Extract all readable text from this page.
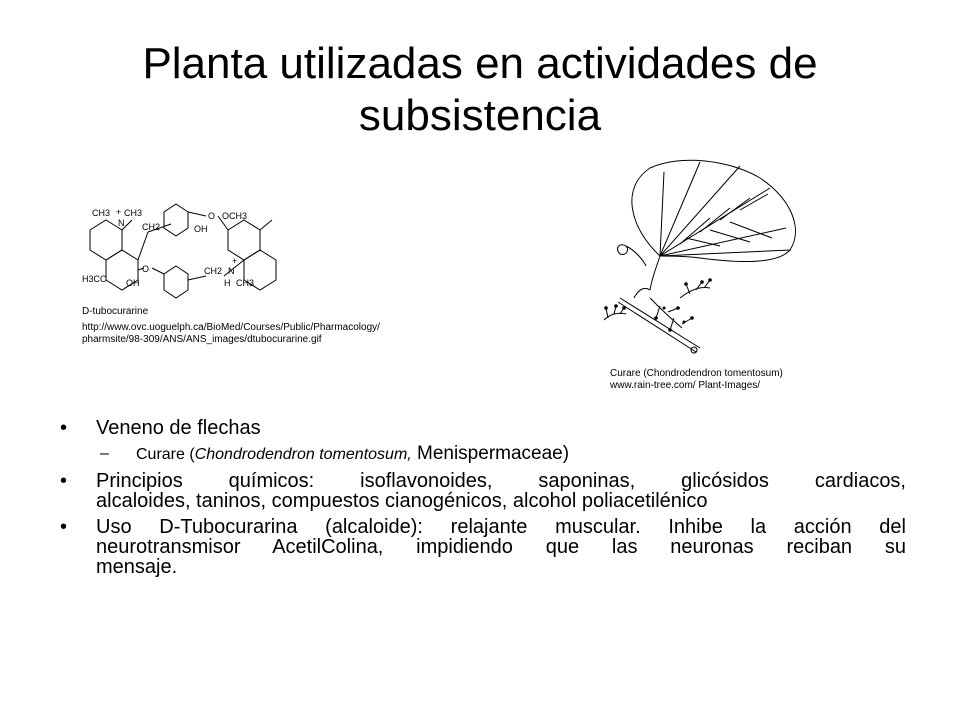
Planta utilizadas en actividades de
subsistencia
CH3 + CH3
N CH2
O OCH3
OH
O
H3CO OH
CH2
+
N
H CH3
D-tubocurarine
http://www.ovc.uoguelph.ca/BioMed/Courses/Public/Pharmacology/
pharmsite/98-309/ANS/ANS_images/dtubocurarine.gif
Curare (Chondrodendron tomentosum)
www.rain-tree.com/ Plant-Images/
• Veneno de flechas
– Curare (Chondrodendron tomentosum, Menispermaceae)
• Principios químicos: isoflavonoides, saponinas, glicósidos cardiacos,
alcaloides, taninos, compuestos cianogénicos, alcohol poliacetilénico
• Uso D-Tubocurarina (alcaloide): relajante muscular. Inhibe la acción del
neurotransmisor AcetilColina, impidiendo que las neuronas reciban su
mensaje.
